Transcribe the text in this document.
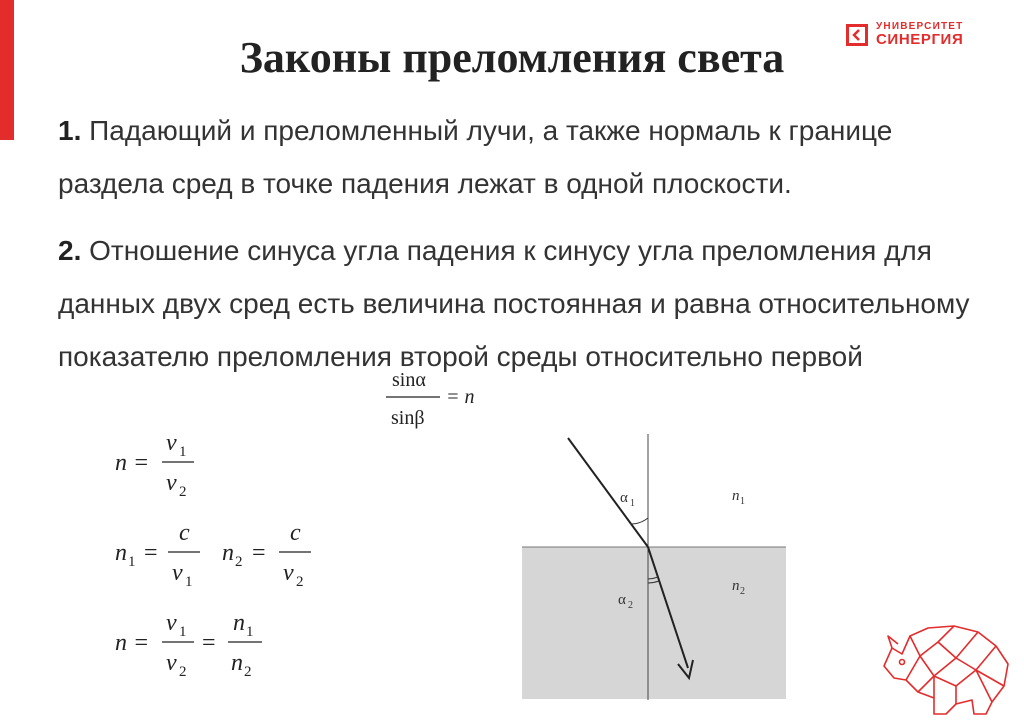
Законы преломления света
УНИВЕРСИТЕТ
СИНЕРГИЯ
1. Падающий и преломленный лучи, а также нормаль к границе раздела сред в точке падения лежат в одной плоскости.
2. Отношение синуса угла падения к синусу угла преломления для данных двух сред есть величина постоянная и равна относительному показателю преломления второй среды относительно первой
sinα
sinβ
= n
n =
v 1
v 2
n 1 =
c
v 1
n 2 =
c
v 2
n =
v 1
v 2
=
n 1
n 2
α 1
α 2
n 1
n 2
